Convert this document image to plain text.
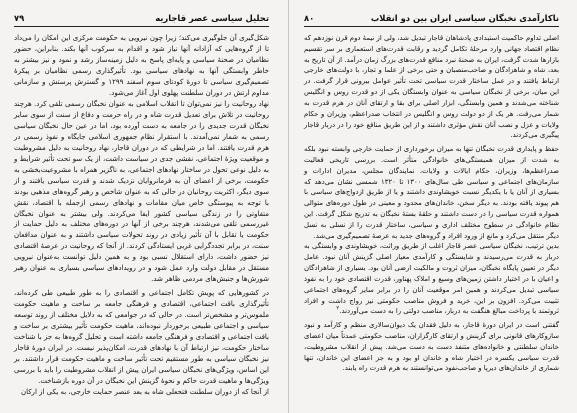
تحلیل سیاسی عصر قاجاریه
۷۹

شکل‌گیری آن جلوگیری می‌کند؛ زیرا چون نیرویی به حکومت مرکزی این امکان را می‌داد تا از گروه‌هایی که آزادانه آنها نیاز شود و اقدام به سرکوب آنها بکند. بنابراین، حضور نظامیان در صحنهٔ سیاسی و پایه‌ای پاسخ به دلیل زمینه‌ساز رشد و نمود و نیز بیشتر به خاطر وابستگی آنها به نهادهای سیاسی بود. تأثیرگذاری رسمی نظامیان بر پیکرهٔ تصمیم‌گیری سیاسی تا دورهٔ کودتای سوم اسفند ۱۲۹۹ و گسترش پرستش و سازمانی مداوم ارتش در دوران سلطنت پهلوی اول آغاز می‌شود.

نهاد روحانیت را نیز نمی‌توان تا انقلاب اسلامی به عنوان نخبگان رسمی تلقی کرد. هرچند روحانیت در تلاش برای تعدیل قدرت شاه و در راه حرمت و دفاع از سنت از سوی سایر نخبگان قدرت جدیدی را در جامعه به دست آورده بود، اما در عین حال نخبگان سیاسی رسمی به شمار نمی‌آمدند. با استقرار نظام جمهوری اسلامی جایگاه و نفوذ رسمی در هرم قدرت یافتند. اما در شرایطی که در دوران قاجار، نهاد روحانیت به دلیل مشروطیت و موقعیت ویژهٔ اجتماعی، نقشی جدی در سیاست داشت، از یک سو تحت تأثیر شرایط و به دلیل نوعی تحول در ساختار نهادهای اجتماعی، به ناگزیر همراه با مشروعیت‌بخشی به حکومت، برخی از اعضای آن به فرمانروایان نزدیک شدند و قدرت سیاسی یافتند و از سوی دیگر، اکثریت روحانیان در حالی که به عنوان شاخص و رهبر گروه‌های مذهبی بودند با توجه به پیوستگی خاص میان مقامات و نهادهای رسمی ازجمله با اقتصاد، نقش متفاوتی را در زندگی سیاسی کشور ایفا می‌کردند. ولی بیشتر به عنوان نخبگان غیررسمی تلقی می‌شدند، هرچند برخی از آنها در دوره‌های مختلف به دلیل حمایت از حکومت یا تقابل با آن تأثیر زیادی در روند تحولات سیاسی داشتند و به عنوان مدافعان سنت، در برابر تجددگرایی غربی ایستادگی کردند. از آنجا که روحانیت در عرصهٔ اقتصادی نیز حضور داشت، دارای استقلال نسبی بود و به همین دلیل توانست به‌عنوان نیرویی مستقل در مقابل دولت وارد عمل شود و در رویدادهای سیاسی بسیاری به عنوان رهبر شورش‌ها و جنبش‌های مردمی ظاهر شد.

در کشورهایی که پویش تکامل اجتماعی و اقتصادی را به طور طبیعی طی کرده‌اند، تأثیرگذاری باقت اجتماعی، اقتصادی و فرهنگی جامعه بر ساخت و ماهیت حکومت ملموس‌تر و مشخص‌تر است. در حالی که در جوامعی که به دلایل مختلف از روند توسعه سیاسی و اجتماعی طبیعی برخوردار نبوده‌اند، ماهیت حکومت تأثیر بیشتری بر ساخت و بافت اجتماعی و اقتصادی و فرهنگی جامعه داشته است و تحلیل گروه‌ها به جز با شناخت ساختار حکومت، نیز ارتباط آن با نهادهای قدرت، امکان‌پذیر نیست. در ایران دورهٔ قاجار نیز نخبگان سیاسی به طور مستقیم تحت تأثیر ساخت و ماهیت حکومت قرار داشتند. بر این اساس، ویژگی‌های نخبگان سیاسی ایران پیش از انقلاب مشروطیت را باید با بررسی ویژگی‌ها و ماهیت قدرت حاکم و نحوهٔ گزینش این نخبگان در آن دوره بازشناخت.

از آنجا که از دوران سلطنت فتحعلی شاه به بعد عنصر حمایت خارجی، به یکی از ارکان

ناکارآمدی نخبگان سیاسی ایران بین دو انقلاب
۸۰

اصلی تداوم حاکمیت استبدادی پادشاهان قاجار تبدیل شد، ولی از نیمهٔ دوم قرن نوزدهم که نظام اقتصاد جهانی وارد مرحلهٔ تکامل گردید و رقابت قدرت‌های استعماری بر سر تقسیم بازارها شدت گرفت، ایران به صحنهٔ نبرد منافع قدرت‌های بزرگ زمان درآمد. از آن تاریخ به بعد، شاه و شاهزادگان و صاحب‌منصبان و حتی برخی از علما و تجار، با دولت‌های خارجی ارتباط یافتند و در عمل ساختار قدرت سیاسی تحت تأثیر عوامل بیرونی قرار گرفت. در این میان، برخی از نخبگان سیاسی به عنوان وابستگان یکی از دو قدرت روس و انگلیس شناخته می‌شدند و همین وابستگی، ابزار اصلی برای بقا و ارتقای آنان در هرم قدرت به شمار می‌رفت. هر یک از دو دولت روس و انگلیس در انتخاب صدراعظم، وزیران و حکام ولایات و عزل و نصب آنان نقش مؤثری داشتند و از این طریق منافع خود را در دربار قاجار پیگیری می‌کردند.

حفظ و پایداری قدرت نخبگان تنها به میزان برخورداری از حمایت خارجی وابسته نبود بلکه به شدت از میزان همبستگی‌های خانوادگی متأثر است. بررسی تاریخی فعالیت صدراعظم‌ها، وزیران، حکام ایالات و ولایات، نمایندگان مجلس، مدیران ادارات و سازمان‌های اجتماعی و سیاسی طی سال‌های ۱۳۰۰ تا ۱۳۲۰ شمسی نشان می‌دهد که بسیاری از آنان یا با یکدیگر نسبت خویشاوندی داشتند و یا از طریق ازدواج‌های سیاسی با هم پیوند یافته بودند. به دیگر سخن، خاندان‌های محدود و معینی در طول دوره‌های متوالی همواره قدرت سیاسی را در دست داشتند و حلقهٔ بستهٔ نخبگان به تدریج شکل گرفت. این نظام خانوادگی در سطوح مختلف اداری و سیاسی، ساختار قدرت را از نسلی به نسل دیگر منتقل می‌کرد و مانع از ورود افراد و گروه‌های جدید به عرصهٔ تصمیم‌گیری می‌شد.

بدین ترتیب، نخبگان سیاسی عصر قاجار اغلب از طریق وراثت، خویشاوندی و وابستگی به دربار به قدرت می‌رسیدند و شایستگی و کارآمدی معیار اصلی گزینش آنان نبود. عامل دیگر در تعیین پایگاه نخبگان، میزان ثروت و مالکیت ارضی آنان بود. بسیاری از شاهزادگان و اعیان با در اختیار داشتن زمین‌های وسیع و املاک پهناور، قدرت اقتصادی خود را به نفوذ سیاسی تبدیل می‌کردند و همین امر موقعیت آنان را در برابر سایر گروه‌های اجتماعی تثبیت می‌کرد. افزون بر این، خرید و فروش مناصب حکومتی نیز رواج داشت و افراد ثروتمند با پرداخت مبالغ هنگفت به دربار، مناصب دولتی را به دست می‌آوردند.$^۲$

گفتنی است در ایران دورهٔ قاجار، به دلیل فقدان یک دیوان‌سالاری منظم و کارآمد و نبود سازوکارهای قانونی برای گزینش و ارتقای کارگزاران، مناصب حکومتی عمدتاً میان اعضای خاندان سلطنتی و خانواده‌های متنفذ دست به دست می‌شد. پیش از انقلاب مشروطیت، قدرت سیاسی یکسره در اختیار شاه و خاندان او بود و به جز اعضای این خاندان، تنها شماری از خاندان‌های دیرپا و صاحب‌نفوذ می‌توانستند به هرم قدرت راه یابند.
